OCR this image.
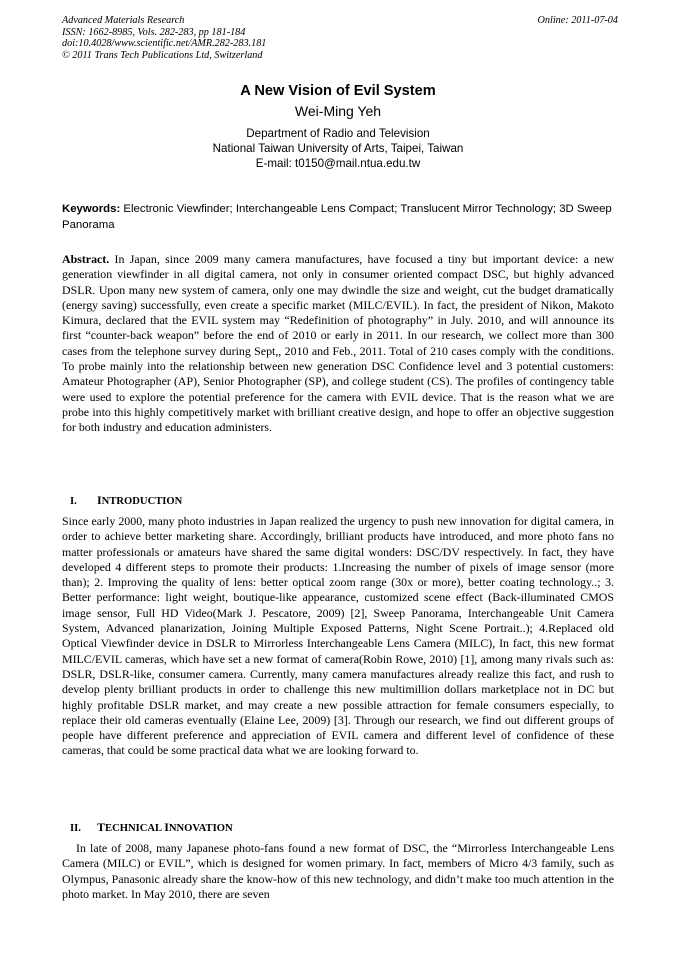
Advanced Materials Research
ISSN: 1662-8985, Vols. 282-283, pp 181-184
doi:10.4028/www.scientific.net/AMR.282-283.181
© 2011 Trans Tech Publications Ltd, Switzerland
Online: 2011-07-04
A New Vision of Evil System
Wei-Ming Yeh
Department of Radio and Television
National Taiwan University of Arts, Taipei, Taiwan
E-mail: t0150@mail.ntua.edu.tw
Keywords: Electronic Viewfinder; Interchangeable Lens Compact; Translucent Mirror Technology; 3D Sweep Panorama
Abstract. In Japan, since 2009 many camera manufactures, have focused a tiny but important device: a new generation viewfinder in all digital camera, not only in consumer oriented compact DSC, but highly advanced DSLR. Upon many new system of camera, only one may dwindle the size and weight, cut the budget dramatically (energy saving) successfully, even create a specific market (MILC/EVIL). In fact, the president of Nikon, Makoto Kimura, declared that the EVIL system may “Redefinition of photography” in July. 2010, and will announce its first “counter-back weapon” before the end of 2010 or early in 2011. In our research, we collect more than 300 cases from the telephone survey during Sept,, 2010 and Feb., 2011. Total of 210 cases comply with the conditions. To probe mainly into the relationship between new generation DSC Confidence level and 3 potential customers: Amateur Photographer (AP), Senior Photographer (SP), and college student (CS). The profiles of contingency table were used to explore the potential preference for the camera with EVIL device. That is the reason what we are probe into this highly competitively market with brilliant creative design, and hope to offer an objective suggestion for both industry and education administers.
I. INTRODUCTION
Since early 2000, many photo industries in Japan realized the urgency to push new innovation for digital camera, in order to achieve better marketing share. Accordingly, brilliant products have introduced, and more photo fans no matter professionals or amateurs have shared the same digital wonders: DSC/DV respectively. In fact, they have developed 4 different steps to promote their products: 1.Increasing the number of pixels of image sensor (more than); 2. Improving the quality of lens: better optical zoom range (30x or more), better coating technology..; 3. Better performance: light weight, boutique-like appearance, customized scene effect (Back-illuminated CMOS image sensor, Full HD Video(Mark J. Pescatore, 2009) [2], Sweep Panorama, Interchangeable Unit Camera System, Advanced planarization, Joining Multiple Exposed Patterns, Night Scene Portrait..); 4.Replaced old Optical Viewfinder device in DSLR to Mirrorless Interchangeable Lens Camera (MILC), In fact, this new format MILC/EVIL cameras, which have set a new format of camera(Robin Rowe, 2010) [1], among many rivals such as: DSLR, DSLR-like, consumer camera. Currently, many camera manufactures already realize this fact, and rush to develop plenty brilliant products in order to challenge this new multimillion dollars marketplace not in DC but highly profitable DSLR market, and may create a new possible attraction for female consumers especially, to replace their old cameras eventually (Elaine Lee, 2009) [3]. Through our research, we find out different groups of people have different preference and appreciation of EVIL camera and different level of confidence of these cameras, that could be some practical data what we are looking forward to.
II. TECHNICAL INNOVATION
In late of 2008, many Japanese photo-fans found a new format of DSC, the “Mirrorless Interchangeable Lens Camera (MILC) or EVIL”, which is designed for women primary. In fact, members of Micro 4/3 family, such as Olympus, Panasonic already share the know-how of this new technology, and didn’t make too much attention in the photo market. In May 2010, there are seven
